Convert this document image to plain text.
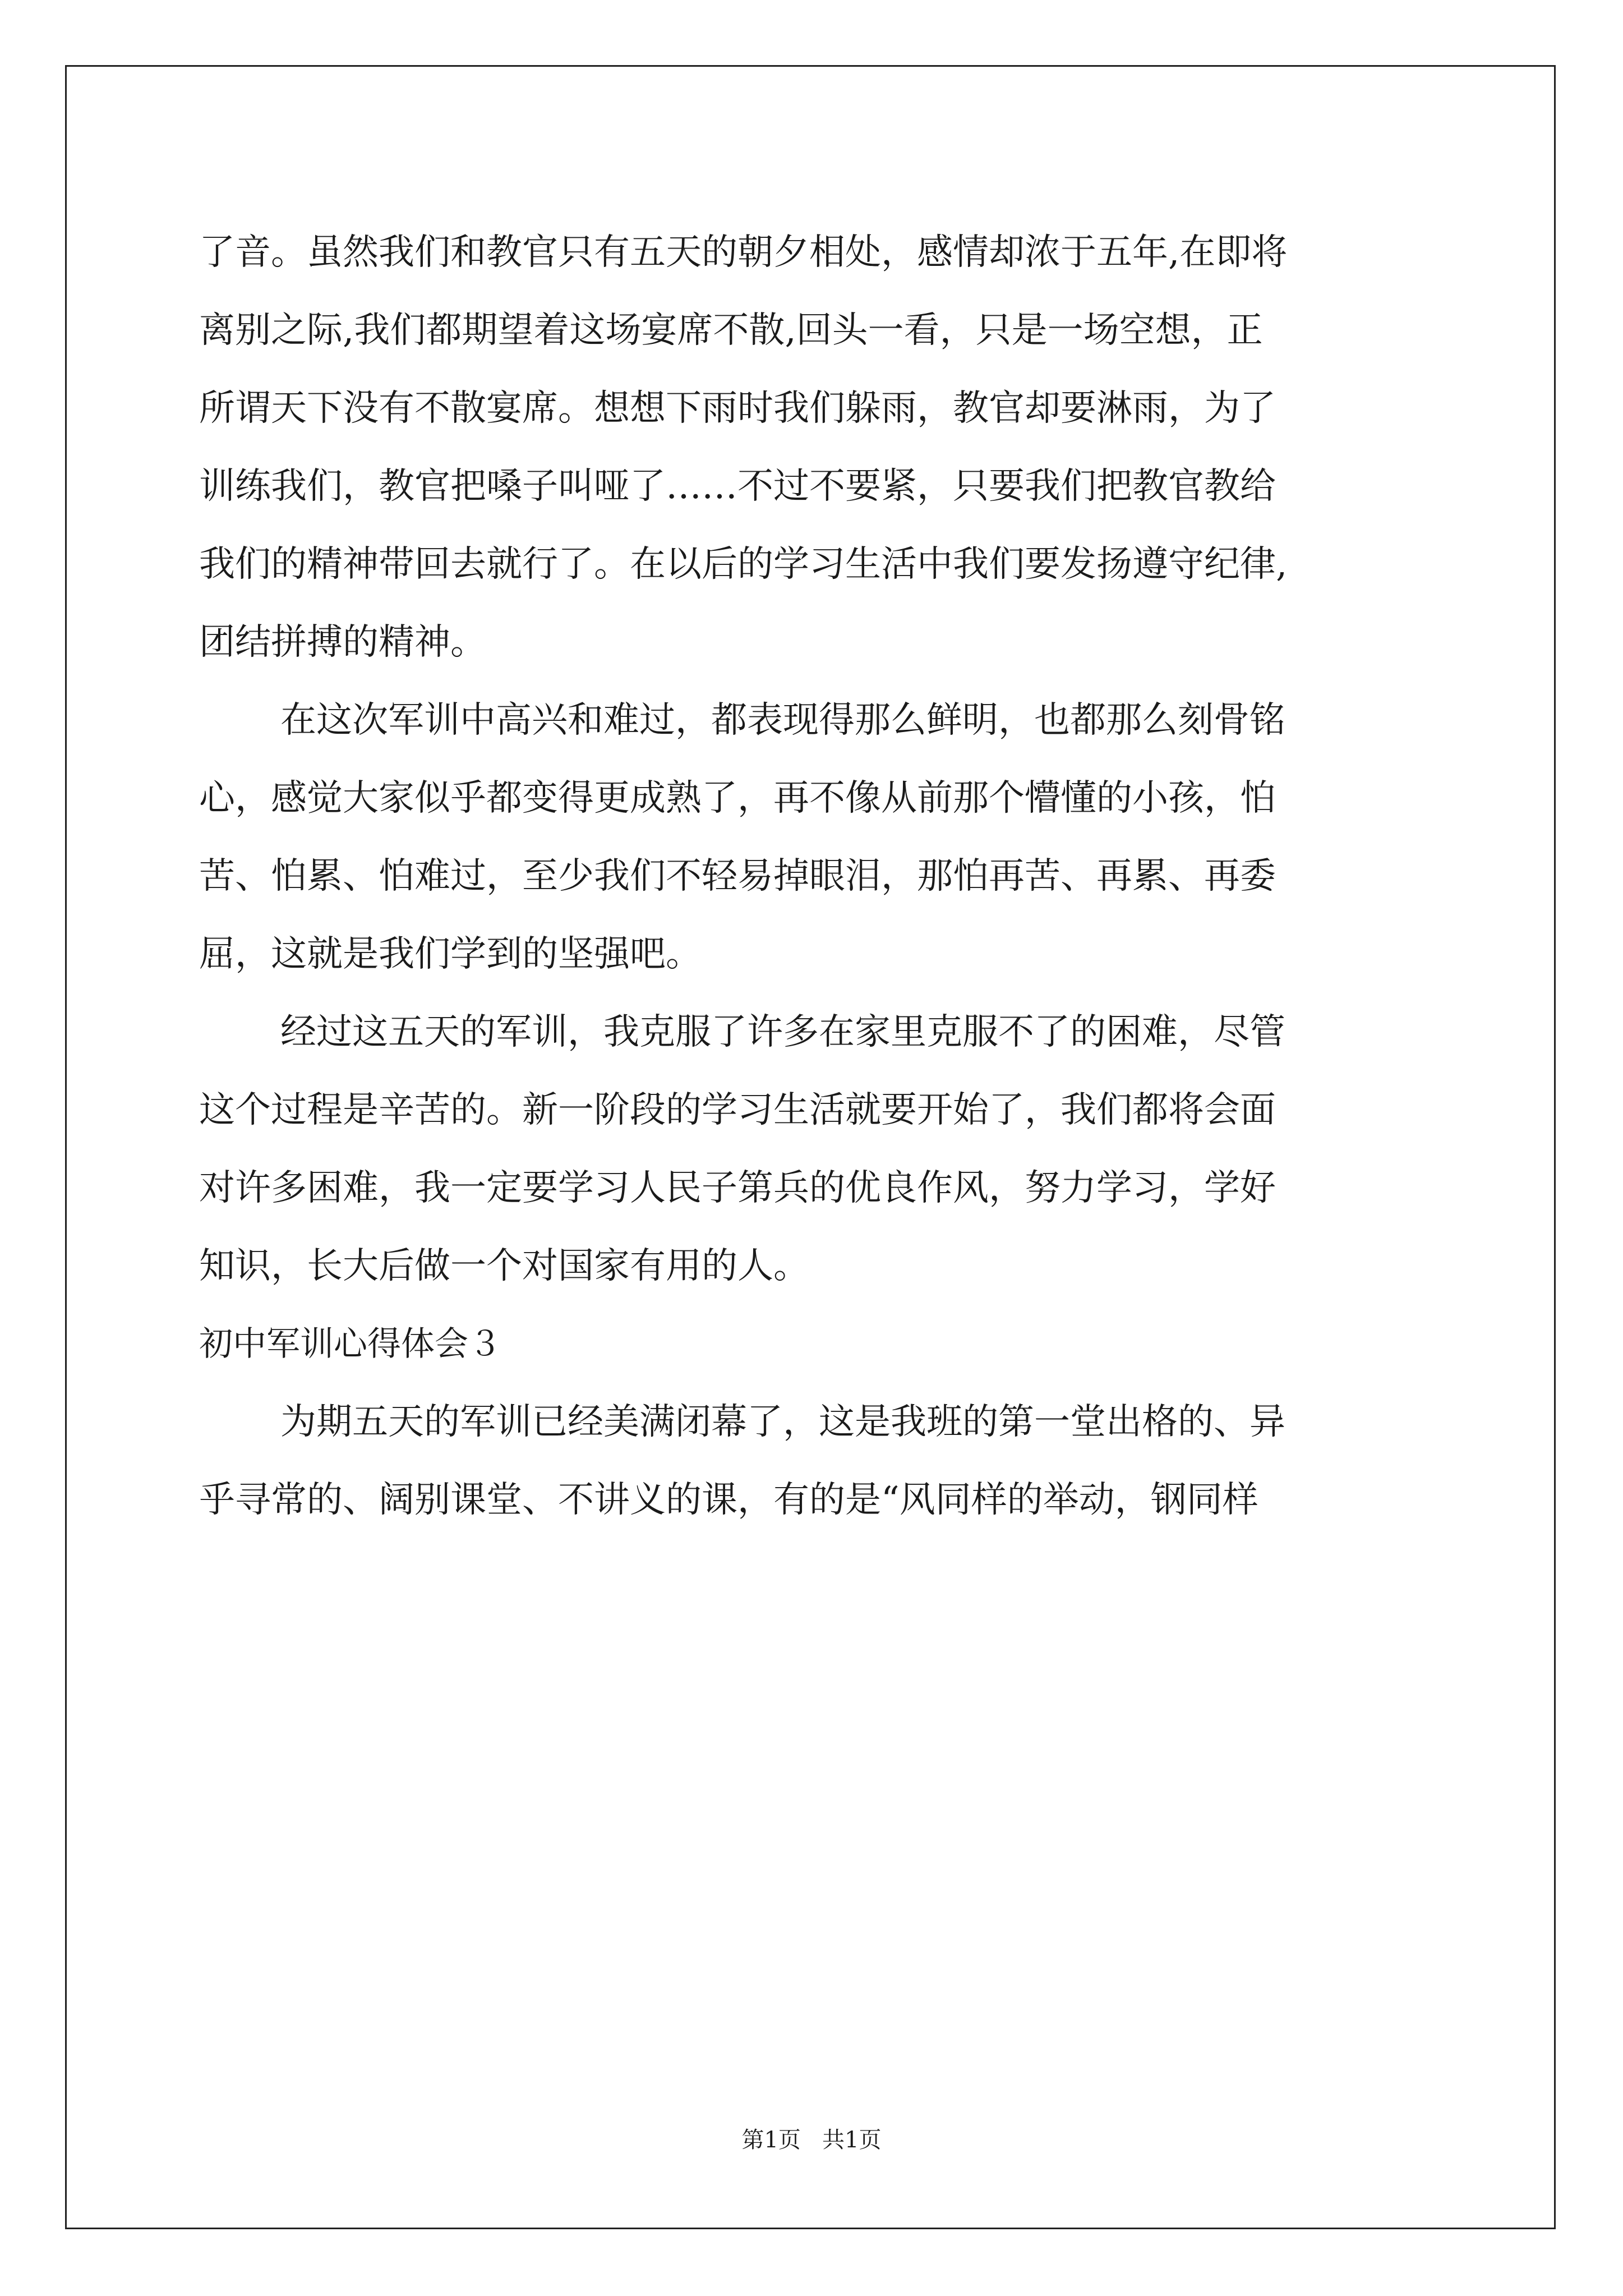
了音。虽然我们和教官只有五天的朝夕相处，感情却浓于五年,在即将
离别之际,我们都期望着这场宴席不散,回头一看，只是一场空想，正
所谓天下没有不散宴席。想想下雨时我们躲雨，教官却要淋雨，为了
训练我们，教官把嗓子叫哑了……不过不要紧，只要我们把教官教给
我们的精神带回去就行了。在以后的学习生活中我们要发扬遵守纪律,
团结拼搏的精神。
在这次军训中高兴和难过，都表现得那么鲜明，也都那么刻骨铭
心，感觉大家似乎都变得更成熟了，再不像从前那个懵懂的小孩，怕
苦、怕累、怕难过，至少我们不轻易掉眼泪，那怕再苦、再累、再委
屈，这就是我们学到的坚强吧。
经过这五天的军训，我克服了许多在家里克服不了的困难，尽管
这个过程是辛苦的。新一阶段的学习生活就要开始了，我们都将会面
对许多困难，我一定要学习人民子第兵的优良作风，努力学习，学好
知识，长大后做一个对国家有用的人。
初中军训心得体会３
为期五天的军训已经美满闭幕了，这是我班的第一堂出格的、异
乎寻常的、阔别课堂、不讲义的课，有的是“风同样的举动，钢同样
第1页   共1页
